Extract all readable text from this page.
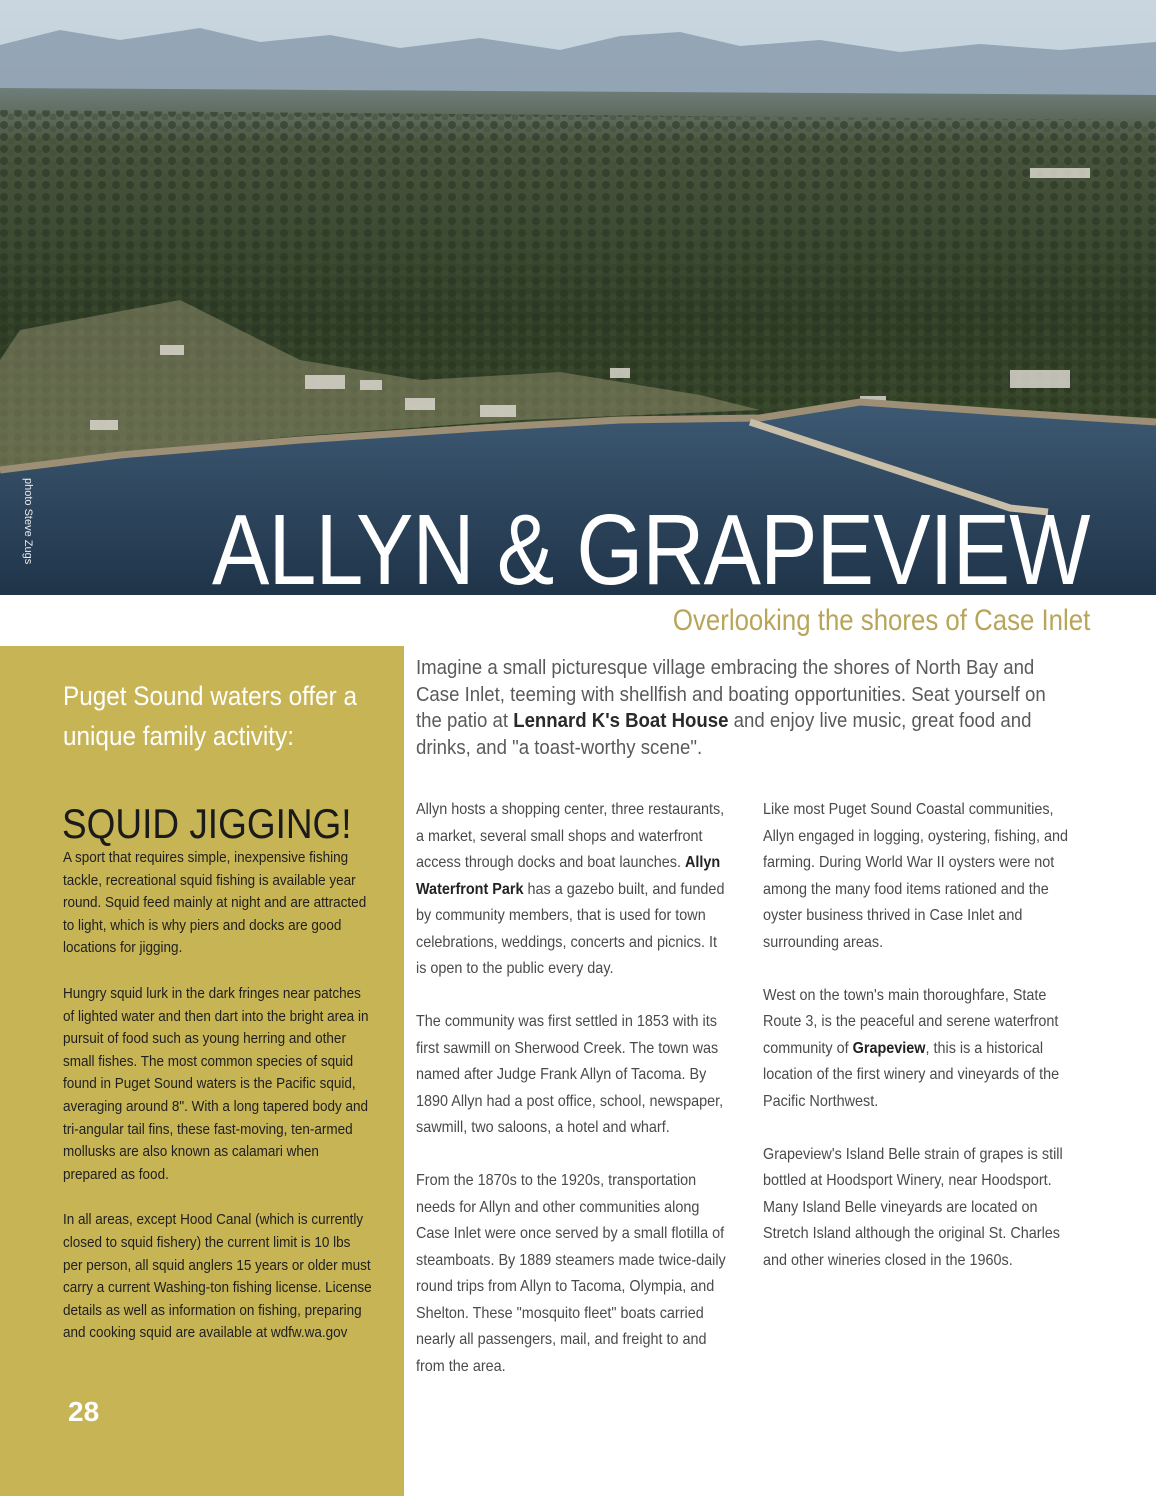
photo Steve Zugs ALLYN & GRAPEVIEW
Overlooking the shores of Case Inlet
Puget Sound waters offer a unique family activity:
SQUID JIGGING!

A sport that requires simple, inexpensive fishing tackle, recreational squid fishing is available year round. Squid feed mainly at night and are attracted to light, which is why piers and docks are good locations for jigging.

Hungry squid lurk in the dark fringes near patches of lighted water and then dart into the bright area in pursuit of food such as young herring and other small fishes. The most common species of squid found in Puget Sound waters is the Pacific squid, averaging around 8". With a long tapered body and tri-angular tail fins, these fast-moving, ten-armed mollusks are also known as calamari when prepared as food.

In all areas, except Hood Canal (which is currently closed to squid fishery) the current limit is 10 lbs per person, all squid anglers 15 years or older must carry a current Washing-ton fishing license. License details as well as information on fishing, preparing and cooking squid are available at wdfw.wa.gov

28
Imagine a small picturesque village embracing the shores of North Bay and Case Inlet, teeming with shellfish and boating opportunities. Seat yourself on the patio at Lennard K's Boat House and enjoy live music, great food and drinks, and "a toast-worthy scene".

Allyn hosts a shopping center, three restaurants, a market, several small shops and waterfront access through docks and boat launches. Allyn Waterfront Park has a gazebo built, and funded by community members, that is used for town celebrations, weddings, concerts and picnics. It is open to the public every day.

The community was first settled in 1853 with its first sawmill on Sherwood Creek. The town was named after Judge Frank Allyn of Tacoma. By 1890 Allyn had a post office, school, newspaper, sawmill, two saloons, a hotel and wharf.

From the 1870s to the 1920s, transportation needs for Allyn and other communities along Case Inlet were once served by a small flotilla of steamboats. By 1889 steamers made twice-daily round trips from Allyn to Tacoma, Olympia, and Shelton. These "mosquito fleet" boats carried nearly all passengers, mail, and freight to and from the area.

Like most Puget Sound Coastal communities, Allyn engaged in logging, oystering, fishing, and farming. During World War II oysters were not among the many food items rationed and the oyster business thrived in Case Inlet and surrounding areas.

West on the town's main thoroughfare, State Route 3, is the peaceful and serene waterfront community of Grapeview, this is a historical location of the first winery and vineyards of the Pacific Northwest.

Grapeview's Island Belle strain of grapes is still bottled at Hoodsport Winery, near Hoodsport. Many Island Belle vineyards are located on Stretch Island although the original St. Charles and other wineries closed in the 1960s.
